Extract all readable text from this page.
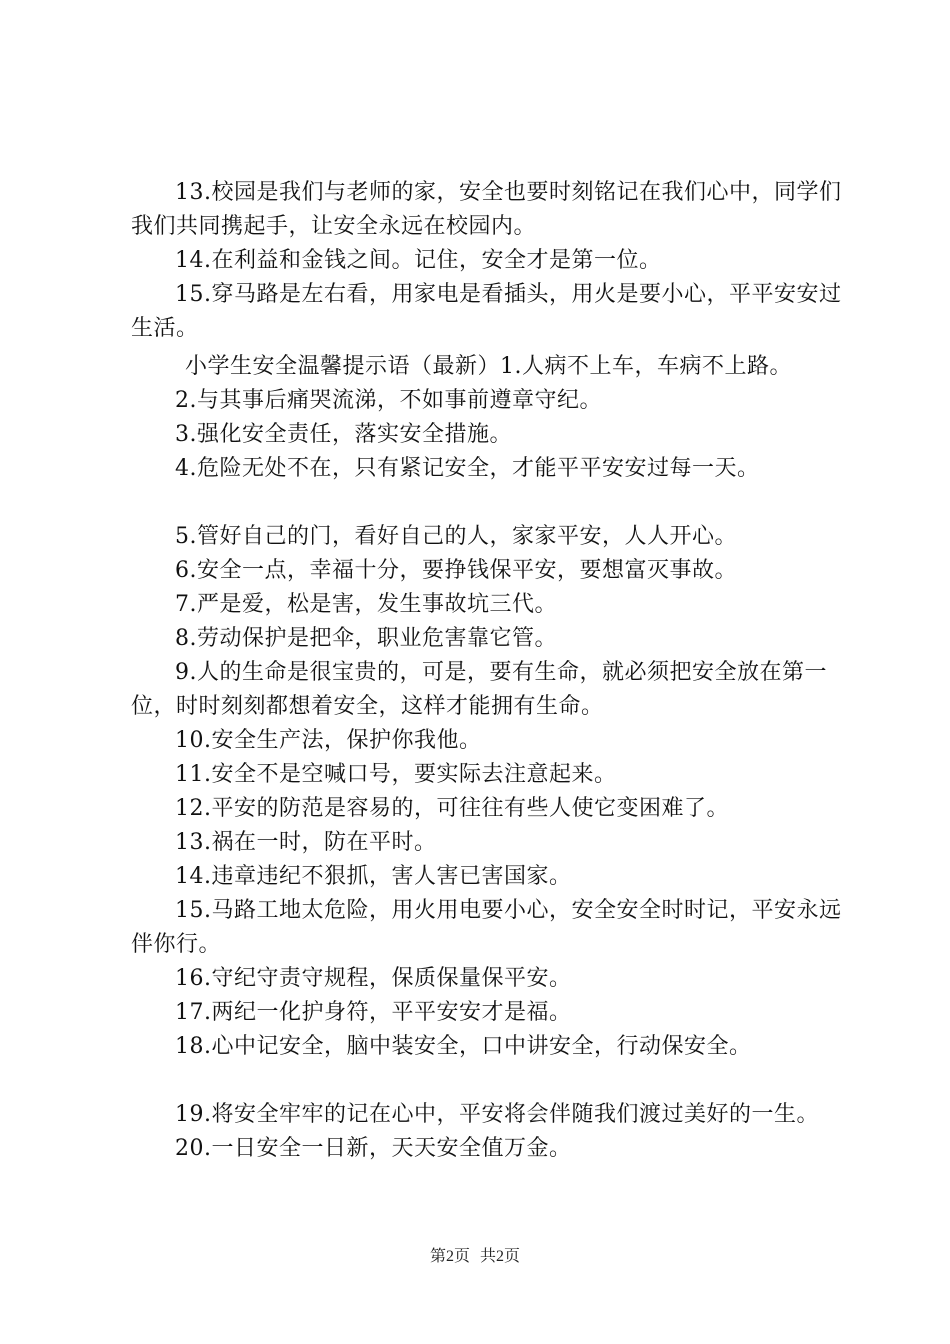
13.校园是我们与老师的家，安全也要时刻铭记在我们心中，同学们我们共同携起手，让安全永远在校园内。

14.在利益和金钱之间。记住，安全才是第一位。

15.穿马路是左右看，用家电是看插头，用火是要小心，平平安安过生活。

小学生安全温馨提示语（最新）1.人病不上车，车病不上路。

2.与其事后痛哭流涕，不如事前遵章守纪。

3.强化安全责任，落实安全措施。

4.危险无处不在，只有紧记安全，才能平平安安过每一天。

5.管好自己的门，看好自己的人，家家平安，人人开心。

6.安全一点，幸福十分，要挣钱保平安，要想富灭事故。

7.严是爱，松是害，发生事故坑三代。

8.劳动保护是把伞，职业危害靠它管。

9.人的生命是很宝贵的，可是，要有生命，就必须把安全放在第一位，时时刻刻都想着安全，这样才能拥有生命。

10.安全生产法，保护你我他。

11.安全不是空喊口号，要实际去注意起来。

12.平安的防范是容易的，可往往有些人使它变困难了。

13.祸在一时，防在平时。

14.违章违纪不狠抓，害人害已害国家。

15.马路工地太危险，用火用电要小心，安全安全时时记，平安永远伴你行。

16.守纪守责守规程，保质保量保平安。

17.两纪一化护身符，平平安安才是福。

18.心中记安全，脑中装安全，口中讲安全，行动保安全。

19.将安全牢牢的记在心中，平安将会伴随我们渡过美好的一生。

20.一日安全一日新，天天安全值万金。

第2页 共2页
